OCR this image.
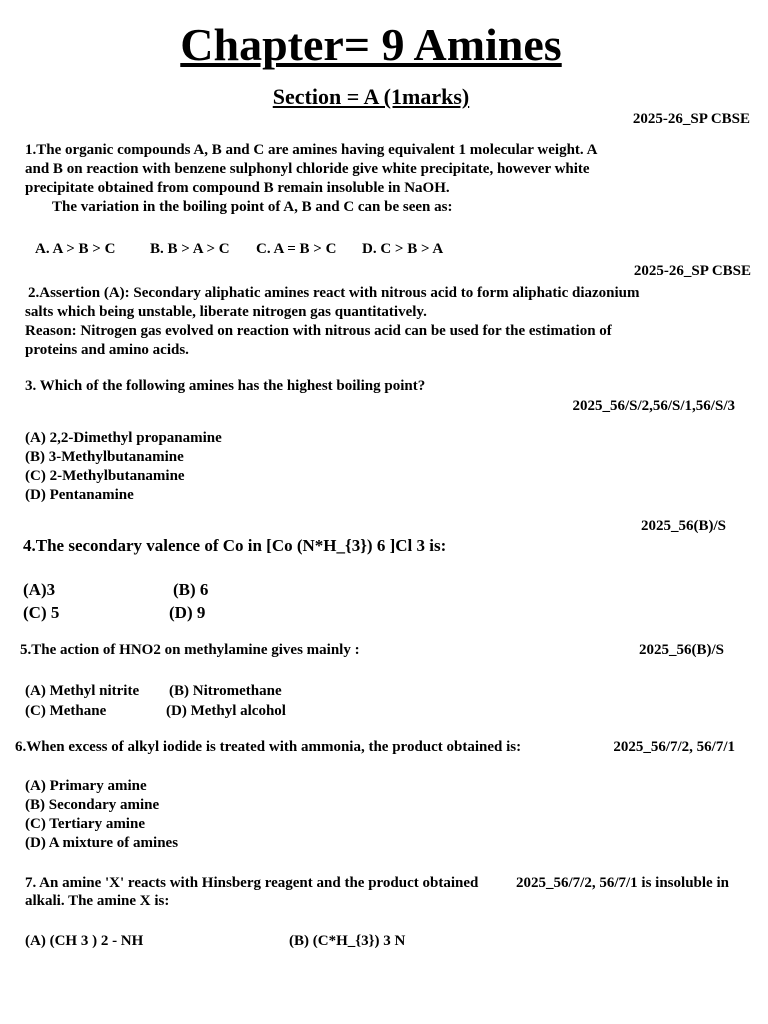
Chapter= 9 Amines
Section = A (1marks)
2025-26_SP CBSE
1.The organic compounds A, B and C are amines having equivalent 1 molecular weight. A
and B on reaction with benzene sulphonyl chloride give white precipitate, however white
precipitate obtained from compound B remain insoluble in NaOH.
The variation in the boiling point of A, B and C can be seen as:
A. A > B > C B. B > A > C C. A = B > C D. C > B > A
2025-26_SP CBSE
2.Assertion (A): Secondary aliphatic amines react with nitrous acid to form aliphatic diazonium
salts which being unstable, liberate nitrogen gas quantitatively.
Reason: Nitrogen gas evolved on reaction with nitrous acid can be used for the estimation of
proteins and amino acids.
3. Which of the following amines has the highest boiling point?
2025_56/S/2,56/S/1,56/S/3
(A) 2,2-Dimethyl propanamine
(B) 3-Methylbutanamine
(C) 2-Methylbutanamine
(D) Pentanamine
2025_56(B)/S
4.The secondary valence of Co in [Co (N*H_{3}) 6 ]Cl 3 is:
(A)3	(B) 6
(C) 5	(D) 9
5.The action of HNO2 on methylamine gives mainly :	2025_56(B)/S
(A) Methyl nitrite (B) Nitromethane
(C) Methane	(D) Methyl alcohol
6.When excess of alkyl iodide is treated with ammonia, the product obtained is:	2025_56/7/2, 56/7/1
(A) Primary amine
(B) Secondary amine
(C) Tertiary amine
(D) A mixture of amines
7. An amine 'X' reacts with Hinsberg reagent and the product obtained	2025_56/7/2, 56/7/1 is insoluble in
alkali. The amine X is:
(A) (CH 3 ) 2 - NH	(B) (C*H_{3}) 3 N
